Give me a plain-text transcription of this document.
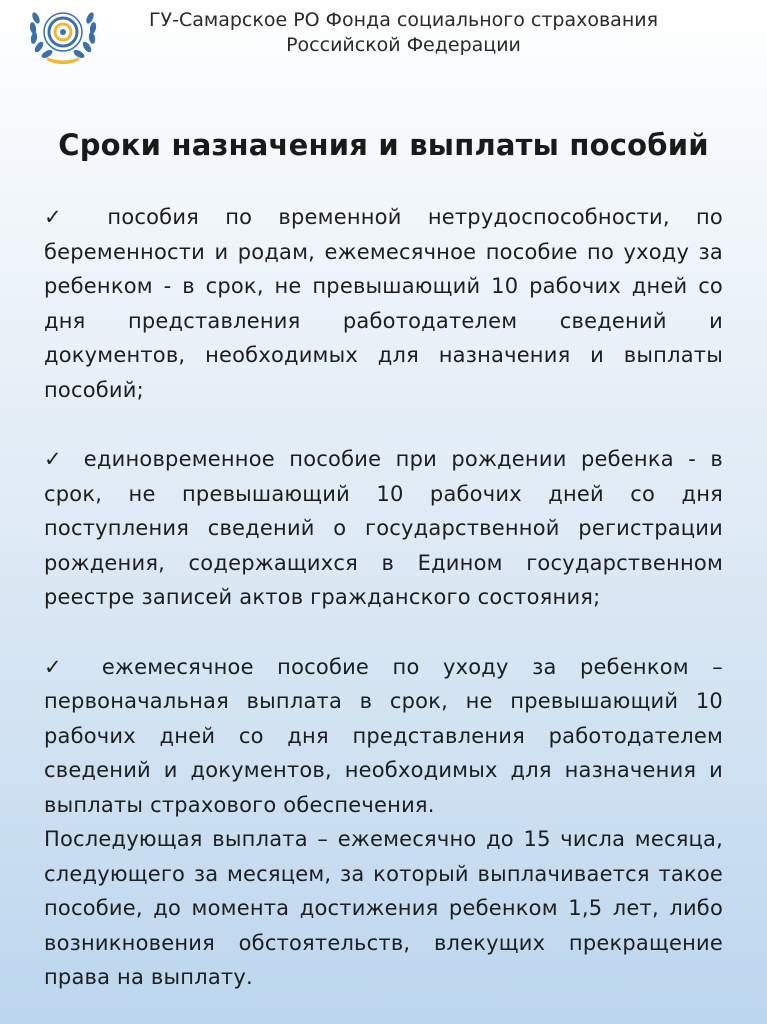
ГУ-Самарское РО Фонда социального страхования
Российской Федерации
Сроки назначения и выплаты пособий

✓ пособия по временной нетрудоспособности, по беременности и родам, ежемесячное пособие по уходу за ребенком - в срок, не превышающий 10 рабочих дней со дня представления работодателем сведений и документов, необходимых для назначения и выплаты пособий;

✓ единовременное пособие при рождении ребенка - в срок, не превышающий 10 рабочих дней со дня поступления сведений о государственной регистрации рождения, содержащихся в Едином государственном реестре записей актов гражданского состояния;

✓ ежемесячное пособие по уходу за ребенком – первоначальная выплата в срок, не превышающий 10 рабочих дней со дня представления работодателем сведений и документов, необходимых для назначения и выплаты страхового обеспечения.

Последующая выплата – ежемесячно до 15 числа месяца, следующего за месяцем, за который выплачивается такое пособие, до момента достижения ребенком 1,5 лет, либо возникновения обстоятельств, влекущих прекращение права на выплату.
